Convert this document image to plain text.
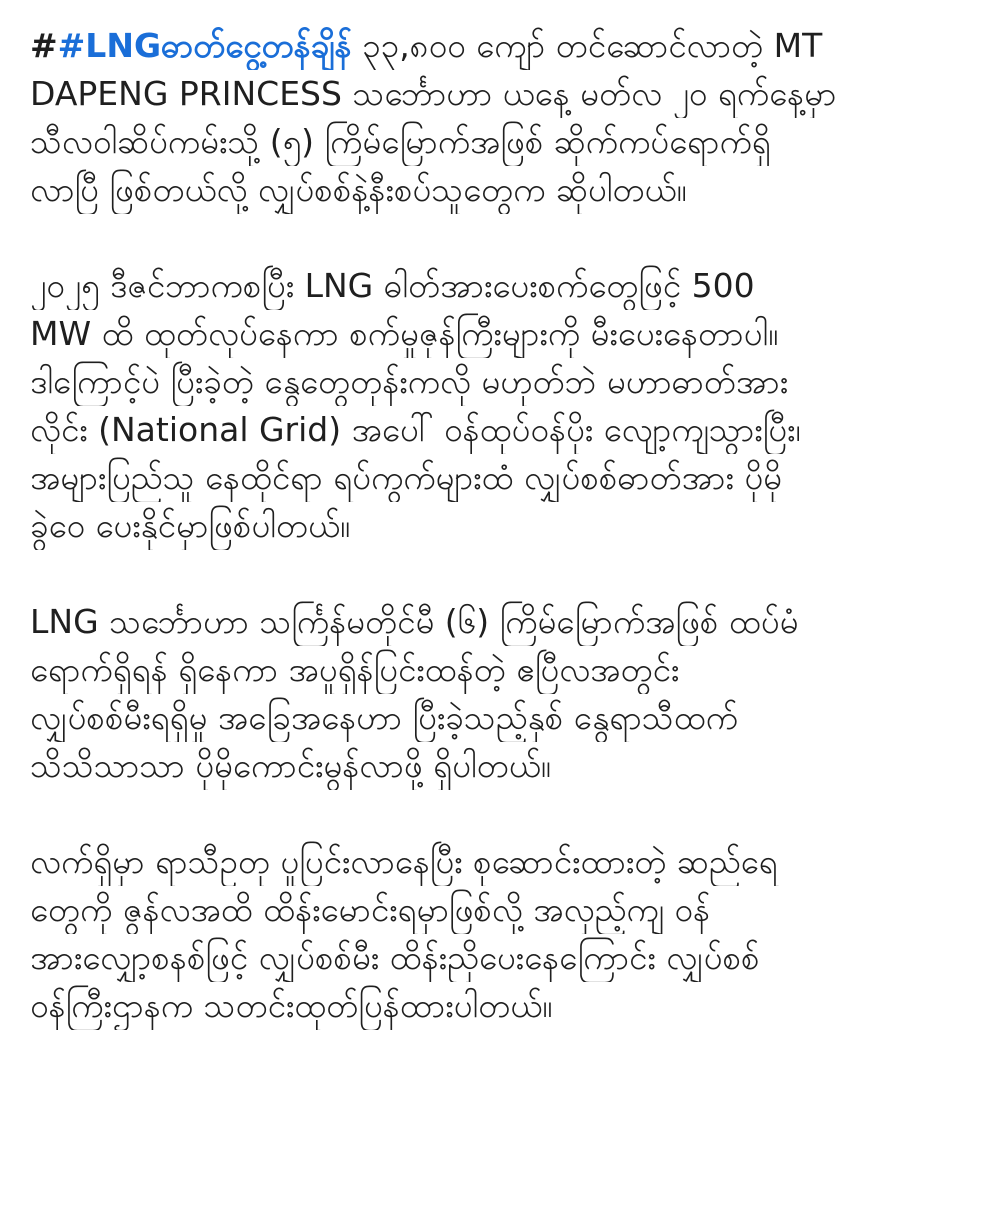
##LNGဓာတ်ငွေ့တန်ချိန် ၃၃,၈၀၀ ကျော် တင်ဆောင်လာတဲ့ MT
DAPENG PRINCESS သင်္ဘောဟာ ယနေ့ မတ်လ ၂၀ ရက်နေ့မှာ
သီလဝါဆိပ်ကမ်းသို့ (၅) ကြိမ်မြောက်အဖြစ် ဆိုက်ကပ်ရောက်ရှိ
လာပြီ ဖြစ်တယ်လို့ လျှပ်စစ်နဲ့နီးစပ်သူတွေက ဆိုပါတယ်။
၂၀၂၅ ဒီဇင်ဘာကစပြီး LNG ဓါတ်အားပေးစက်တွေဖြင့် 500
MW ထိ ထုတ်လုပ်နေကာ စက်မှုဇုန်ကြီးများကို မီးပေးနေတာပါ။
ဒါကြောင့်ပဲ ပြီးခဲ့တဲ့ နွေတွေတုန်းကလို မဟုတ်ဘဲ မဟာဓာတ်အား
လိုင်း (National Grid) အပေါ် ဝန်ထုပ်ဝန်ပိုး လျော့ကျသွားပြီး၊
အများပြည်သူ နေထိုင်ရာ ရပ်ကွက်များထံ လျှပ်စစ်ဓာတ်အား ပိုမို
ခွဲဝေ ပေးနိုင်မှာဖြစ်ပါတယ်။
LNG သင်္ဘောဟာ သင်္ကြန်မတိုင်မီ (၆) ကြိမ်မြောက်အဖြစ် ထပ်မံ
ရောက်ရှိရန် ရှိနေကာ အပူရှိန်ပြင်းထန်တဲ့ ဧပြီလအတွင်း
လျှပ်စစ်မီးရရှိမှု အခြေအနေဟာ ပြီးခဲ့သည့်နှစ် နွေရာသီထက်
သိသိသာသာ ပိုမိုကောင်းမွန်လာဖို့ ရှိပါတယ်။
လက်ရှိမှာ ရာသီဥတု ပူပြင်းလာနေပြီး စုဆောင်းထားတဲ့ ဆည်ရေ
တွေကို ဇွန်လအထိ ထိန်းမောင်းရမှာဖြစ်လို့ အလှည့်ကျ ဝန်
အားလျှော့စနစ်ဖြင့် လျှပ်စစ်မီး ထိန်းညှိပေးနေကြောင်း လျှပ်စစ်
ဝန်ကြီးဌာနက သတင်းထုတ်ပြန်ထားပါတယ်။
